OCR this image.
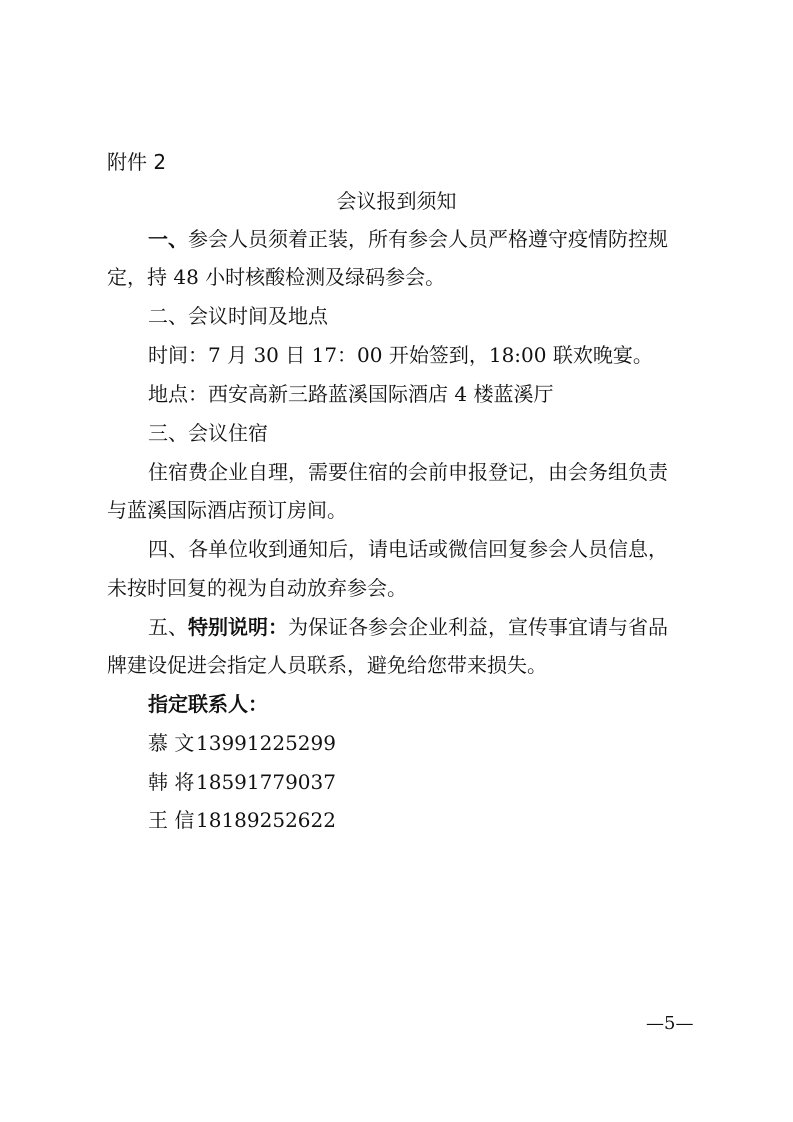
附件 2
会议报到须知
一、参会人员须着正装，所有参会人员严格遵守疫情防控规
定，持 48 小时核酸检测及绿码参会。
二、会议时间及地点
时间：7 月 30 日 17：00 开始签到，18:00 联欢晚宴。
地点：西安高新三路蓝溪国际酒店 4 楼蓝溪厅
三、会议住宿
住宿费企业自理，需要住宿的会前申报登记，由会务组负责
与蓝溪国际酒店预订房间。
四、各单位收到通知后，请电话或微信回复参会人员信息，
未按时回复的视为自动放弃参会。
五、特别说明：为保证各参会企业利益，宣传事宜请与省品
牌建设促进会指定人员联系，避免给您带来损失。
指定联系人：
慕 文13991225299
韩 将18591779037
王 信18189252622
—5—
